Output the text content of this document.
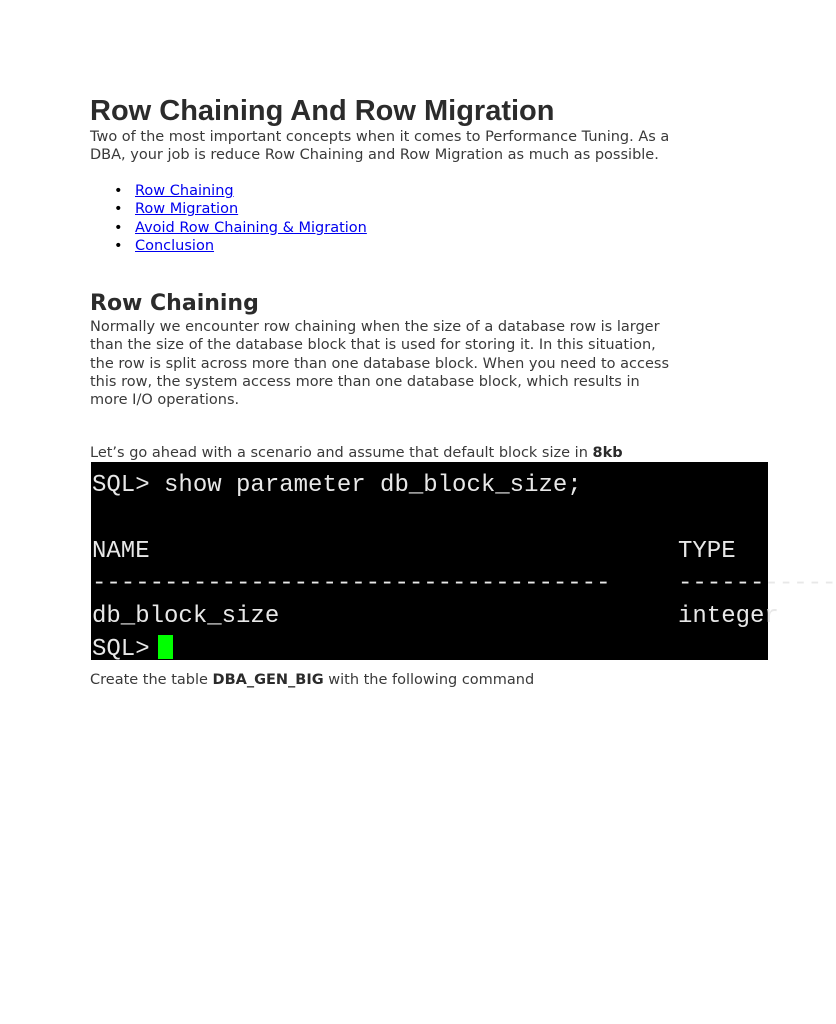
Row Chaining And Row Migration

Two of the most important concepts when it comes to Performance Tuning. As a DBA, your job is reduce Row Chaining and Row Migration as much as possible.

• Row Chaining
• Row Migration
• Avoid Row Chaining & Migration
• Conclusion
Row Chaining

Normally we encounter row chaining when the size of a database row is larger than the size of the database block that is used for storing it. In this situation, the row is split across more than one database block. When you need to access this row, the system access more than one database block, which results in more I/O operations.

Let’s go ahead with a scenario and assume that default block size in 8kb

SQL> show parameter db_block_size;
NAME	TYPE
------------------------------------	-----------
db_block_size	integer
SQL>

Create the table DBA_GEN_BIG with the following command
